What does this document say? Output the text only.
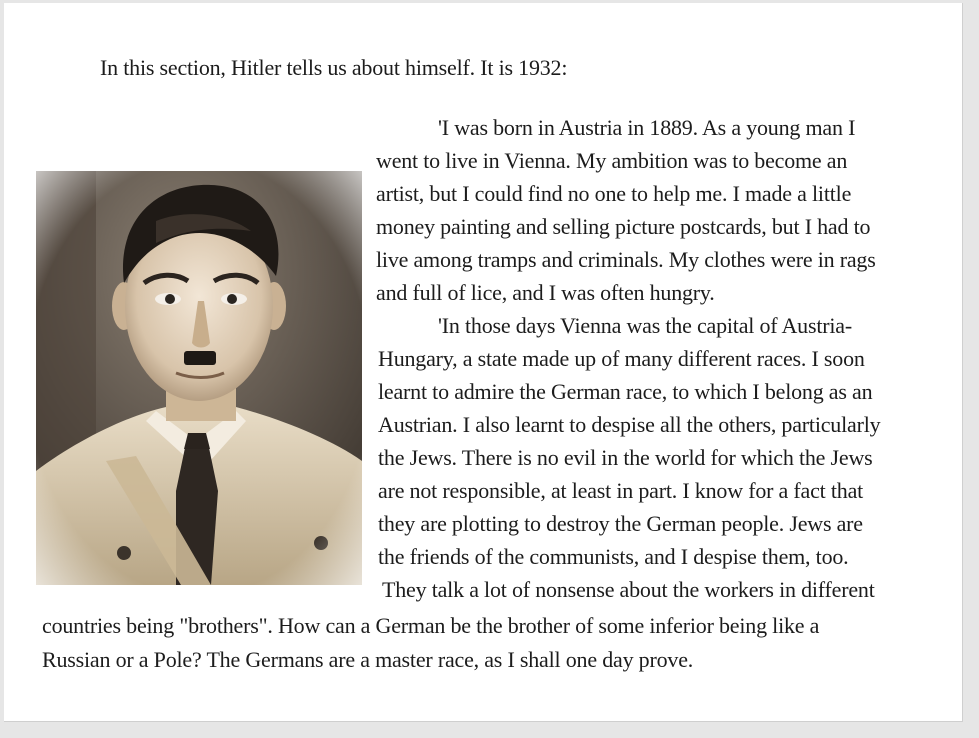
In this section, Hitler tells us about himself. It is 1932:

'I was born in Austria in 1889. As a young man I

went to live in Vienna. My ambition was to become an

artist, but I could find no one to help me. I made a little

money painting and selling picture postcards, but I had to

live among tramps and criminals. My clothes were in rags

and full of lice, and I was often hungry.

'In those days Vienna was the capital of Austria-

Hungary, a state made up of many different races. I soon

learnt to admire the German race, to which I belong as an

Austrian. I also learnt to despise all the others, particularly

the Jews. There is no evil in the world for which the Jews

are not responsible, at least in part. I know for a fact that

they are plotting to destroy the German people. Jews are

the friends of the communists, and I despise them, too.

They talk a lot of nonsense about the workers in different

countries being "brothers". How can a German be the brother of some inferior being like a

Russian or a Pole? The Germans are a master race, as I shall one day prove.
